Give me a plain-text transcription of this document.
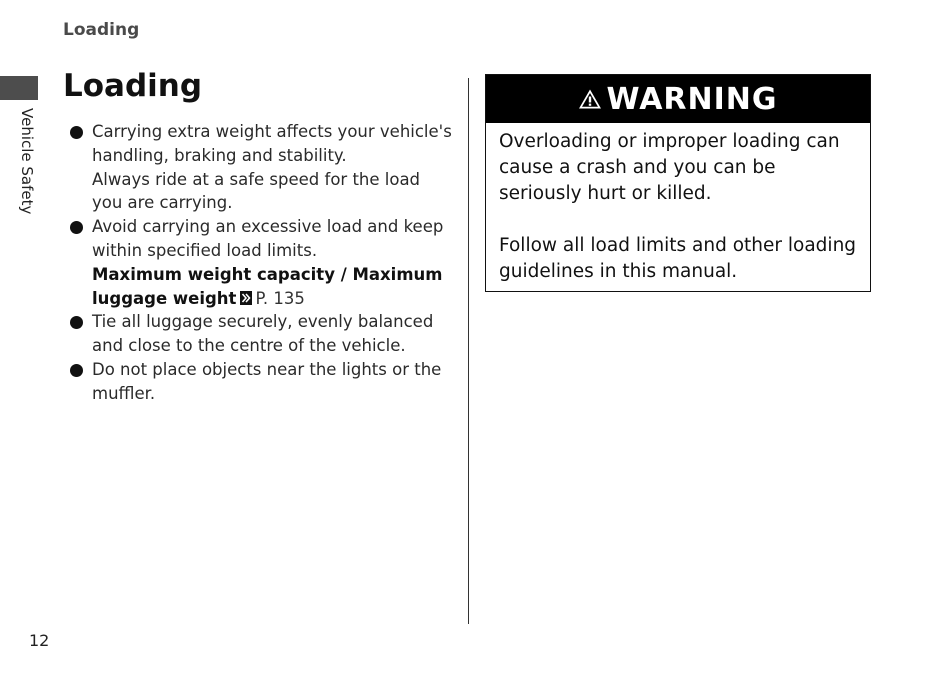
Loading
Vehicle Safety
Loading
Carrying extra weight affects your vehicle's handling, braking and stability.
Always ride at a safe speed for the load you are carrying.
Avoid carrying an excessive load and keep within specified load limits.
Maximum weight capacity / Maximum luggage weight P. 135
Tie all luggage securely, evenly balanced and close to the centre of the vehicle.
Do not place objects near the lights or the muffler.
WARNING

Overloading or improper loading can cause a crash and you can be seriously hurt or killed.

Follow all load limits and other loading guidelines in this manual.

12
